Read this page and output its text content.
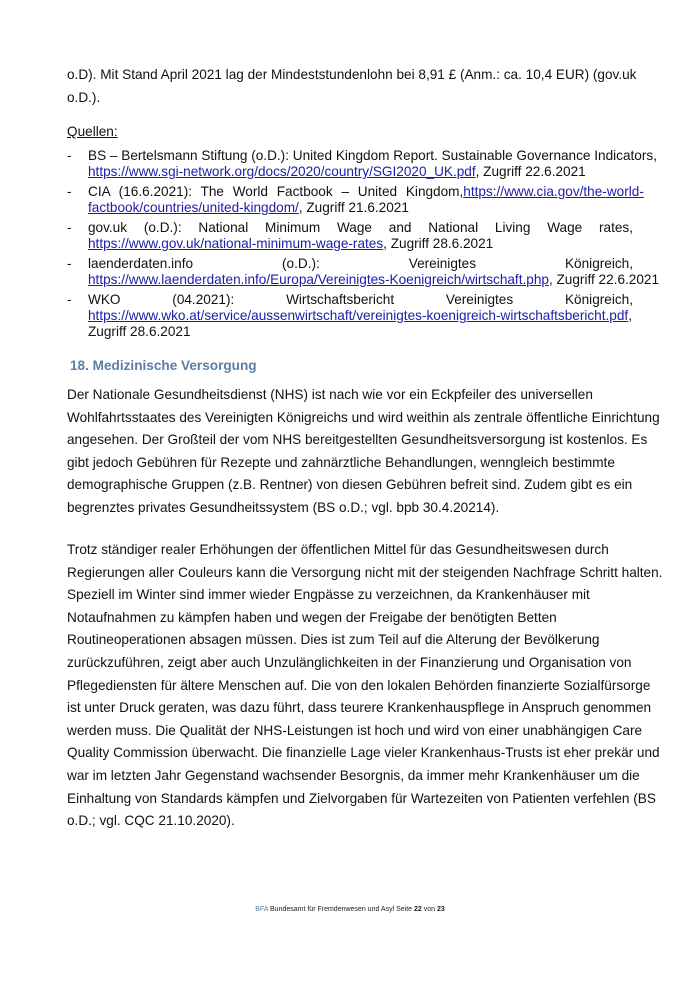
o.D). Mit Stand April 2021 lag der Mindeststundenlohn bei 8,91 £ (Anm.: ca. 10,4 EUR) (gov.uk
o.D.).
Quellen:
- BS – Bertelsmann Stiftung (o.D.): United Kingdom Report. Sustainable Governance Indicators,
https://www.sgi-network.org/docs/2020/country/SGI2020_UK.pdf, Zugriff 22.6.2021
- CIA (16.6.2021): The World Factbook – United Kingdom, https://www.cia.gov/the-world-
factbook/countries/united-kingdom/, Zugriff 21.6.2021
- gov.uk (o.D.): National Minimum Wage and National Living Wage rates,
https://www.gov.uk/national-minimum-wage-rates, Zugriff 28.6.2021
- laenderdaten.info (o.D.): Vereinigtes Königreich,
https://www.laenderdaten.info/Europa/Vereinigtes-Koenigreich/wirtschaft.php, Zugriff 22.6.2021
- WKO (04.2021): Wirtschaftsbericht Vereinigtes Königreich,
https://www.wko.at/service/aussenwirtschaft/vereinigtes-koenigreich-wirtschaftsbericht.pdf,
Zugriff 28.6.2021
18. Medizinische Versorgung
Der Nationale Gesundheitsdienst (NHS) ist nach wie vor ein Eckpfeiler des universellen
Wohlfahrtsstaates des Vereinigten Königreichs und wird weithin als zentrale öffentliche Einrichtung
angesehen. Der Großteil der vom NHS bereitgestellten Gesundheitsversorgung ist kostenlos. Es
gibt jedoch Gebühren für Rezepte und zahnärztliche Behandlungen, wenngleich bestimmte
demographische Gruppen (z.B. Rentner) von diesen Gebühren befreit sind. Zudem gibt es ein
begrenztes privates Gesundheitssystem (BS o.D.; vgl. bpb 30.4.20214).
Trotz ständiger realer Erhöhungen der öffentlichen Mittel für das Gesundheitswesen durch
Regierungen aller Couleurs kann die Versorgung nicht mit der steigenden Nachfrage Schritt halten.
Speziell im Winter sind immer wieder Engpässe zu verzeichnen, da Krankenhäuser mit
Notaufnahmen zu kämpfen haben und wegen der Freigabe der benötigten Betten
Routineoperationen absagen müssen. Dies ist zum Teil auf die Alterung der Bevölkerung
zurückzuführen, zeigt aber auch Unzulänglichkeiten in der Finanzierung und Organisation von
Pflegediensten für ältere Menschen auf. Die von den lokalen Behörden finanzierte Sozialfürsorge
ist unter Druck geraten, was dazu führt, dass teurere Krankenhauspflege in Anspruch genommen
werden muss. Die Qualität der NHS-Leistungen ist hoch und wird von einer unabhängigen Care
Quality Commission überwacht. Die finanzielle Lage vieler Krankenhaus-Trusts ist eher prekär und
war im letzten Jahr Gegenstand wachsender Besorgnis, da immer mehr Krankenhäuser um die
Einhaltung von Standards kämpfen und Zielvorgaben für Wartezeiten von Patienten verfehlen (BS
o.D.; vgl. CQC 21.10.2020).
BFA Bundesamt für Fremdenwesen und Asyl Seite 22 von 23
